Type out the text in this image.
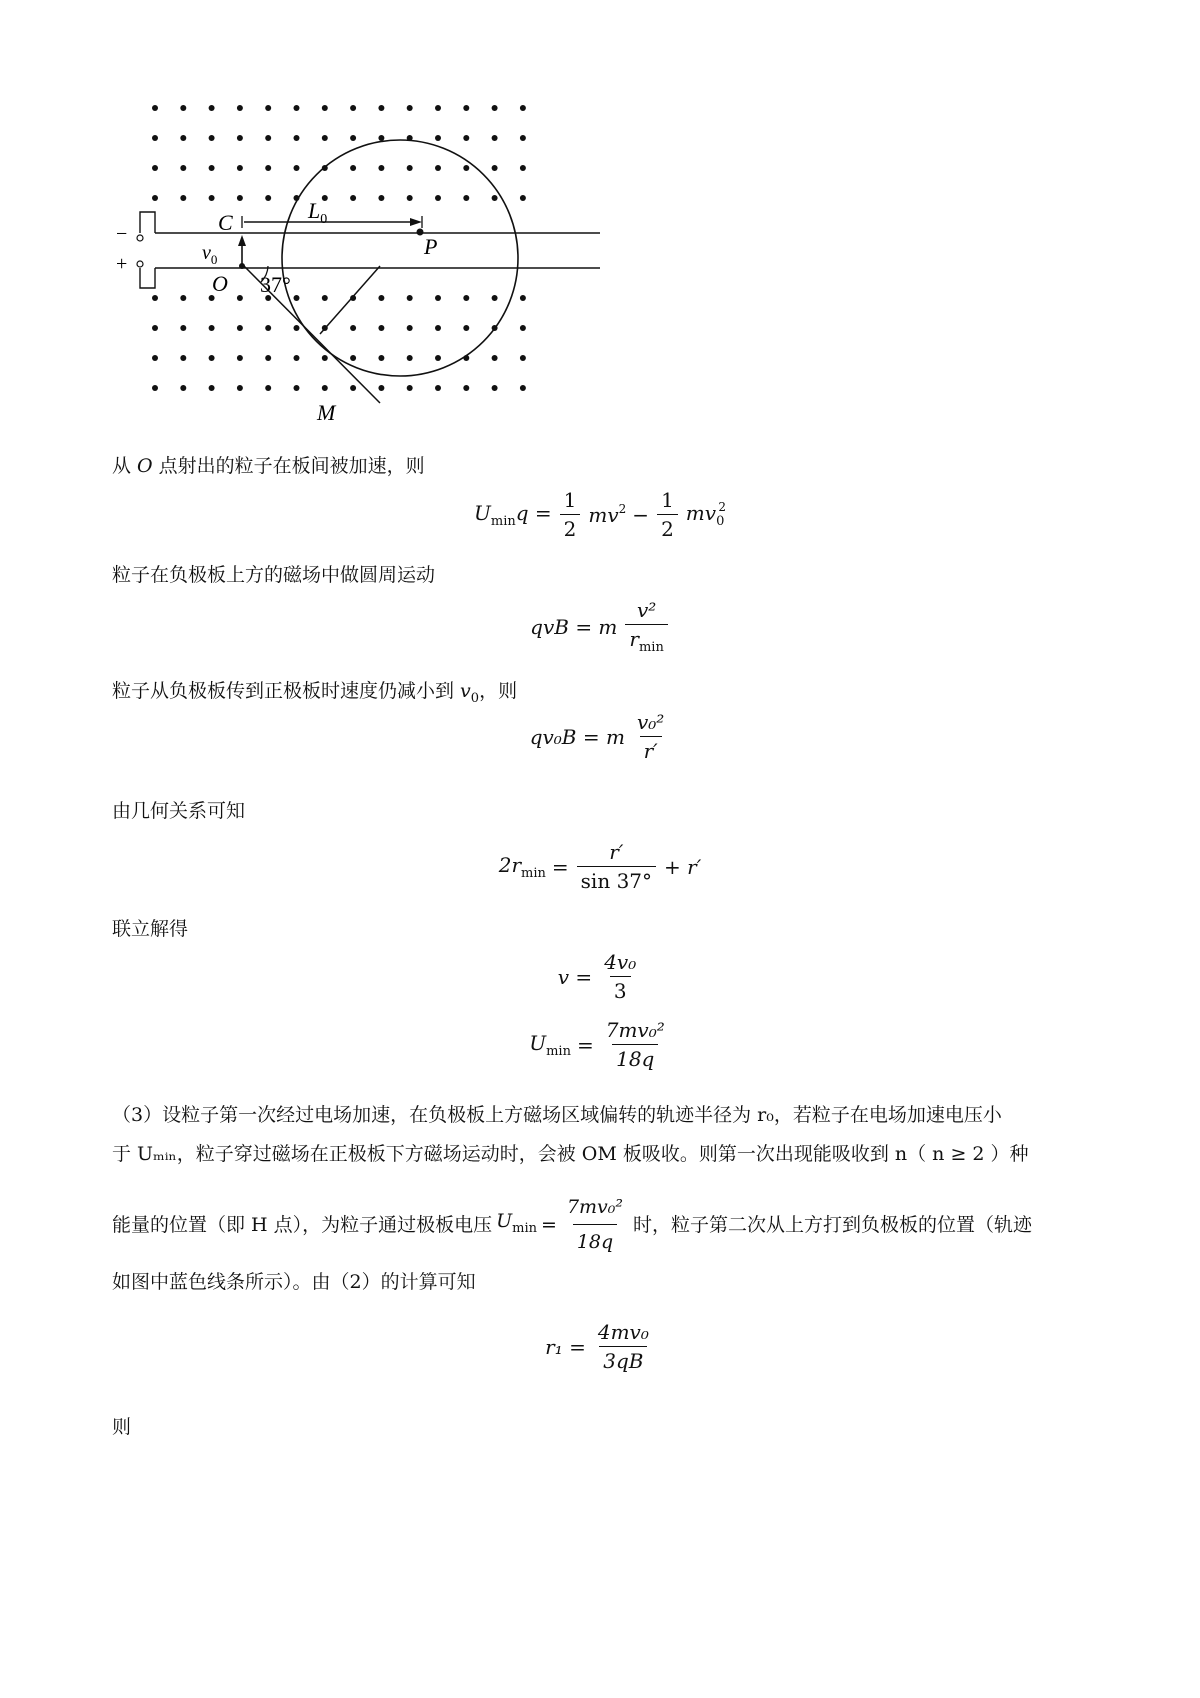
C	$L_0$
P
−
+	$v_0$
O 37°
M
从 O 点射出的粒子在板间被加速，则
$U_{min}q = \frac{1}{2} mv^2 - \frac{1}{2} mv_0^2$
粒子在负极板上方的磁场中做圆周运动
qvB = m $\frac{\text{v²}}{r_{min}}$
粒子从负极板传到正极板时速度仍减小到 $v_0$，则
qv₀B = m $\frac{\text{v₀²}}{r'}$
由几何关系可知
$2r_{min} = \frac{r'}{\sin 37^\circ} + r'$
联立解得
$v = \frac{\text{4v₀}}{3}$
$U_{min} = \frac{\text{7mv₀²}}{18q}$
（3）设粒子第一次经过电场加速，在负极板上方磁场区域偏转的轨迹半径为 r₀，若粒子在电场加速电压小
于 Uₘᵢₙ，粒子穿过磁场在正极板下方磁场运动时，会被 OM 板吸收。则第一次出现能吸收到 n（ n ≥ 2 ）种
能量的位置（即 H 点），为粒子通过极板电压 $U_{min} = \frac{\text{7mv₀²}}{18q}$ 时，粒子第二次从上方打到负极板的位置（轨迹
如图中蓝色线条所示）。由（2）的计算可知
$r_1 = \frac{\text{4mv₀}}{3qB}$
则
